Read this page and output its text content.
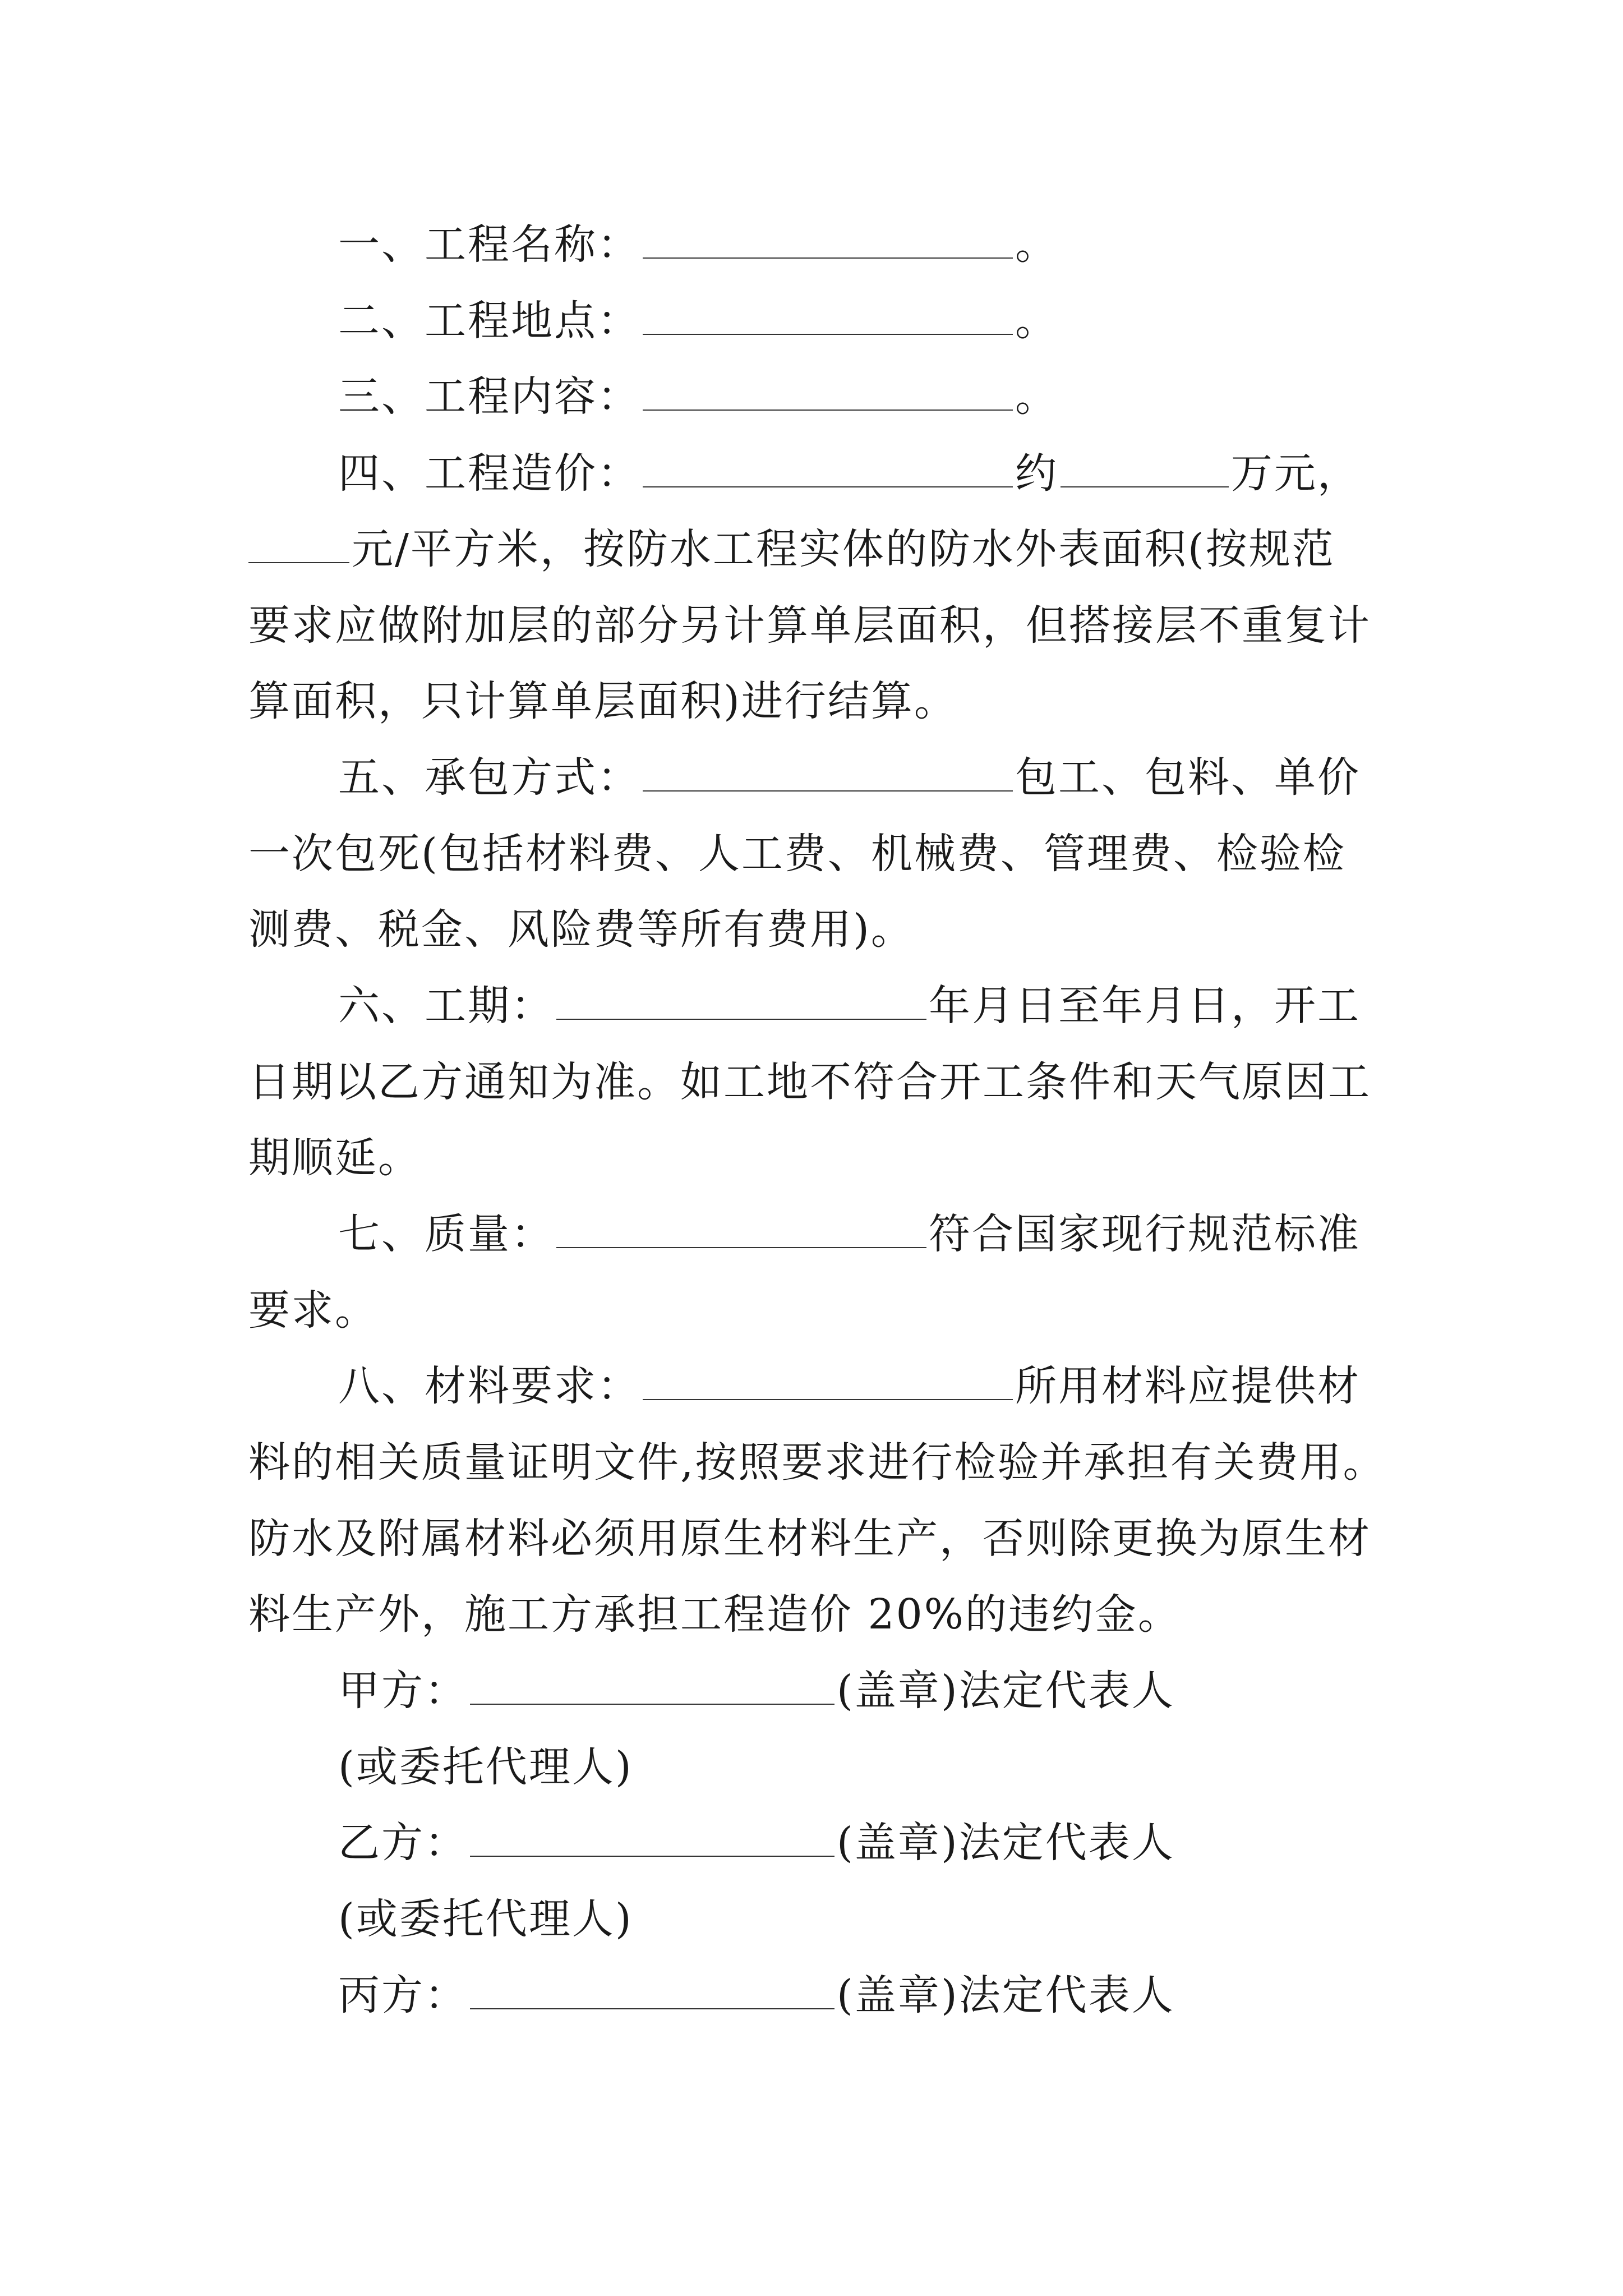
一、工程名称：	。
二、工程地点：	。
三、工程内容：	。
四、工程造价：	约	万元，
元/平方米，按防水工程实体的防水外表面积(按规范
要求应做附加层的部分另计算单层面积，但搭接层不重复计
算面积，只计算单层面积)进行结算。
五、承包方式：	包工、包料、单价
一次包死(包括材料费、人工费、机械费、管理费、检验检
测费、税金、风险费等所有费用)。
六、工期：	年月日至年月日，开工
日期以乙方通知为准。如工地不符合开工条件和天气原因工
期顺延。
七、质量：	符合国家现行规范标准
要求。
八、材料要求：	所用材料应提供材
料的相关质量证明文件,按照要求进行检验并承担有关费用。
防水及附属材料必须用原生材料生产，否则除更换为原生材
料生产外，施工方承担工程造价 20%的违约金。
甲方：	(盖章)法定代表人
(或委托代理人)
乙方：	(盖章)法定代表人
(或委托代理人)
丙方：	(盖章)法定代表人
